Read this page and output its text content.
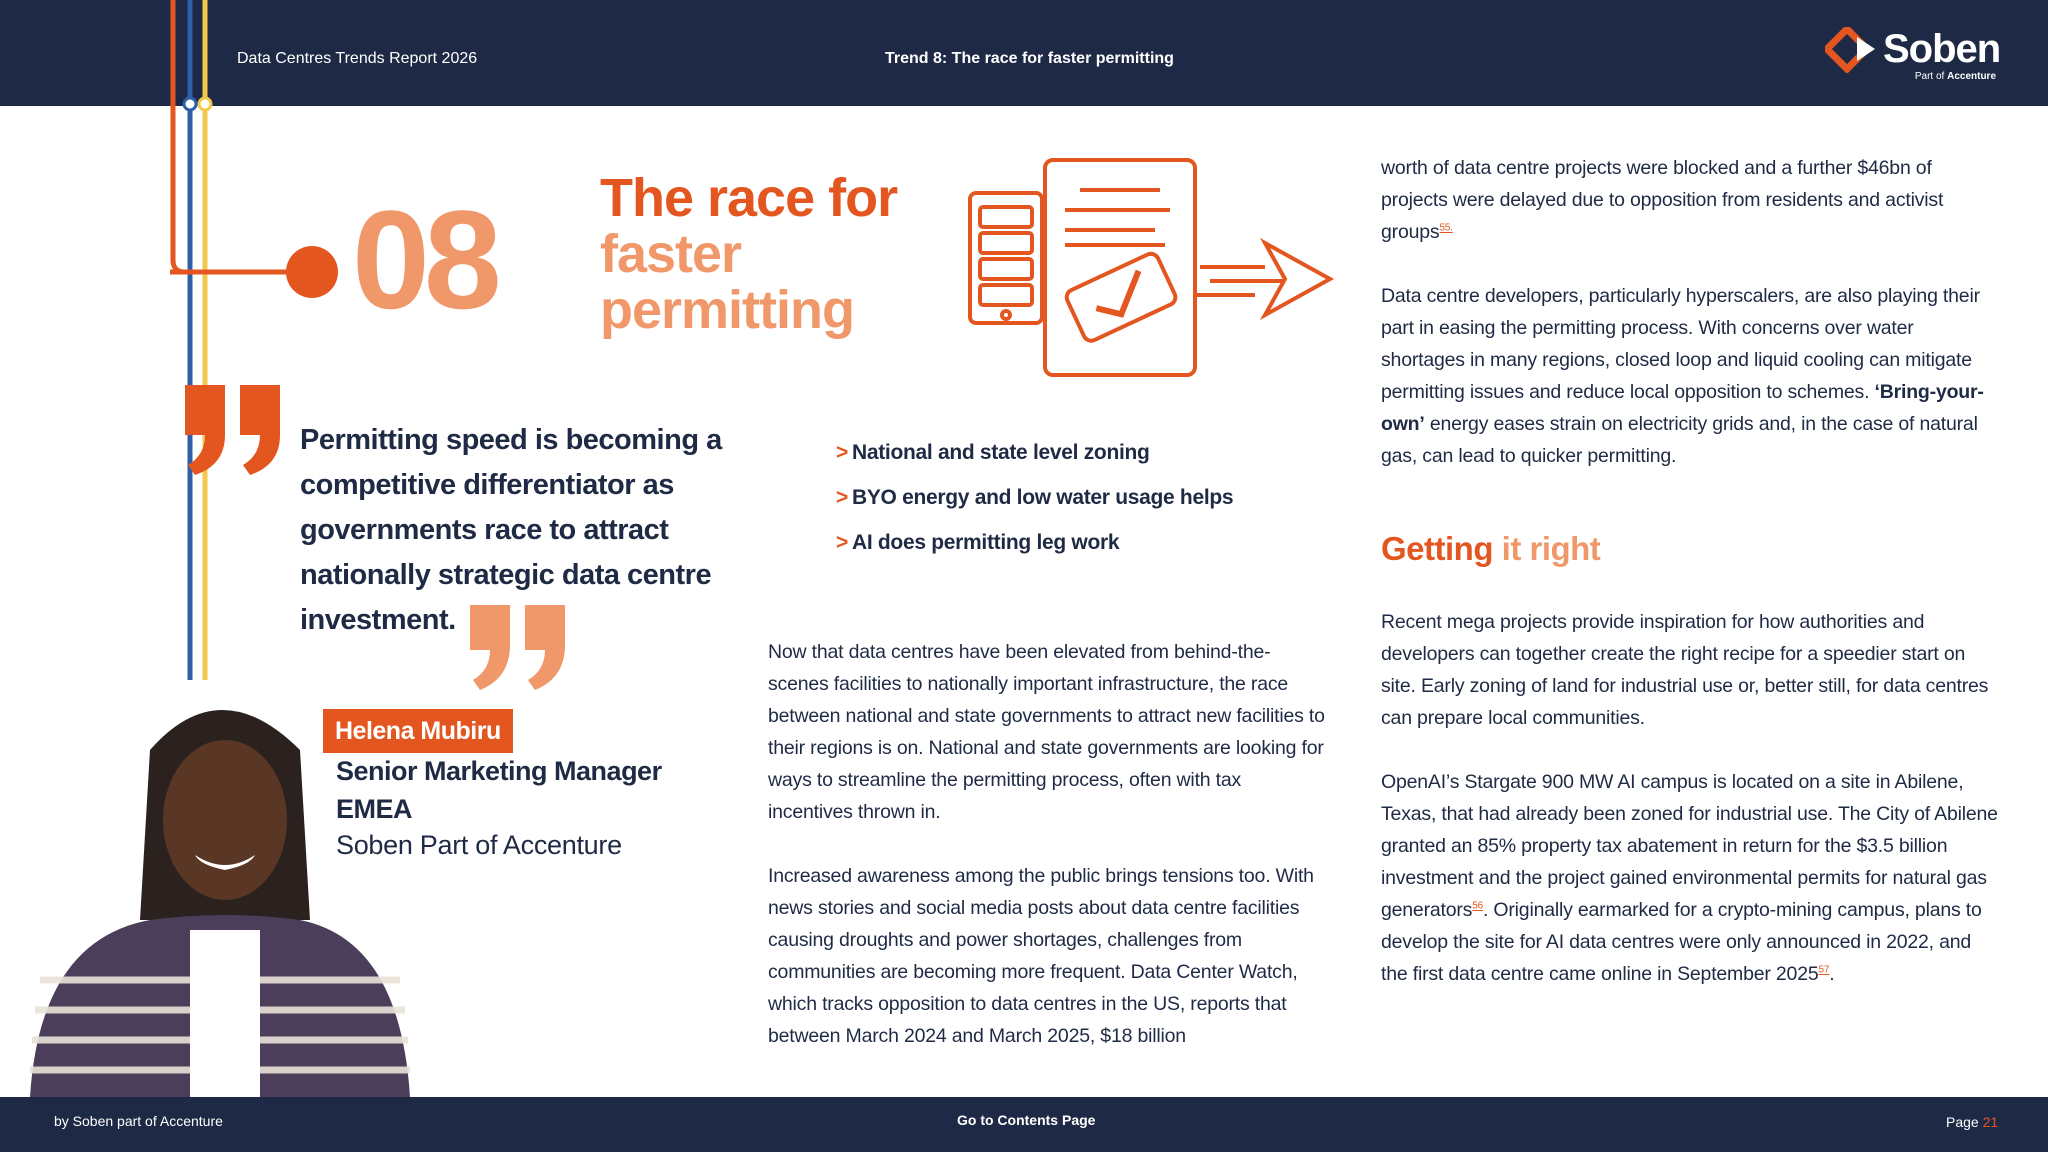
Data Centres Trends Report 2026	Trend 8: The race for faster permitting	Soben
Part of Accenture
08 The race for
faster
permitting
Permitting speed is becoming a competitive differentiator as governments race to attract nationally strategic data centre investment.
Helena Mubiru
Senior Marketing Manager
EMEA
Soben Part of Accenture
> National and state level zoning
> BYO energy and low water usage helps
> AI does permitting leg work

Now that data centres have been elevated from behind-the-scenes facilities to nationally important infrastructure, the race between national and state governments to attract new facilities to their regions is on. National and state governments are looking for ways to streamline the permitting process, often with tax incentives thrown in.

Increased awareness among the public brings tensions too. With news stories and social media posts about data centre facilities causing droughts and power shortages, challenges from communities are becoming more frequent. Data Center Watch, which tracks opposition to data centres in the US, reports that between March 2024 and March 2025, $18 billion

worth of data centre projects were blocked and a further $46bn of projects were delayed due to opposition from residents and activist groups$^{55.}$

Data centre developers, particularly hyperscalers, are also playing their part in easing the permitting process. With concerns over water shortages in many regions, closed loop and liquid cooling can mitigate permitting issues and reduce local opposition to schemes. ‘Bring-your-own’ energy eases strain on electricity grids and, in the case of natural gas, can lead to quicker permitting.

Getting it right

Recent mega projects provide inspiration for how authorities and developers can together create the right recipe for a speedier start on site. Early zoning of land for industrial use or, better still, for data centres can prepare local communities.

OpenAI’s Stargate 900 MW AI campus is located on a site in Abilene, Texas, that had already been zoned for industrial use. The City of Abilene granted an 85% property tax abatement in return for the $3.5 billion investment and the project gained environmental permits for natural gas generators$^{56}$. Originally earmarked for a crypto-mining campus, plans to develop the site for AI data centres were only announced in 2022, and the first data centre came online in September 2025$^{57}$.

by Soben part of Accenture	Go to Contents Page	Page 21
